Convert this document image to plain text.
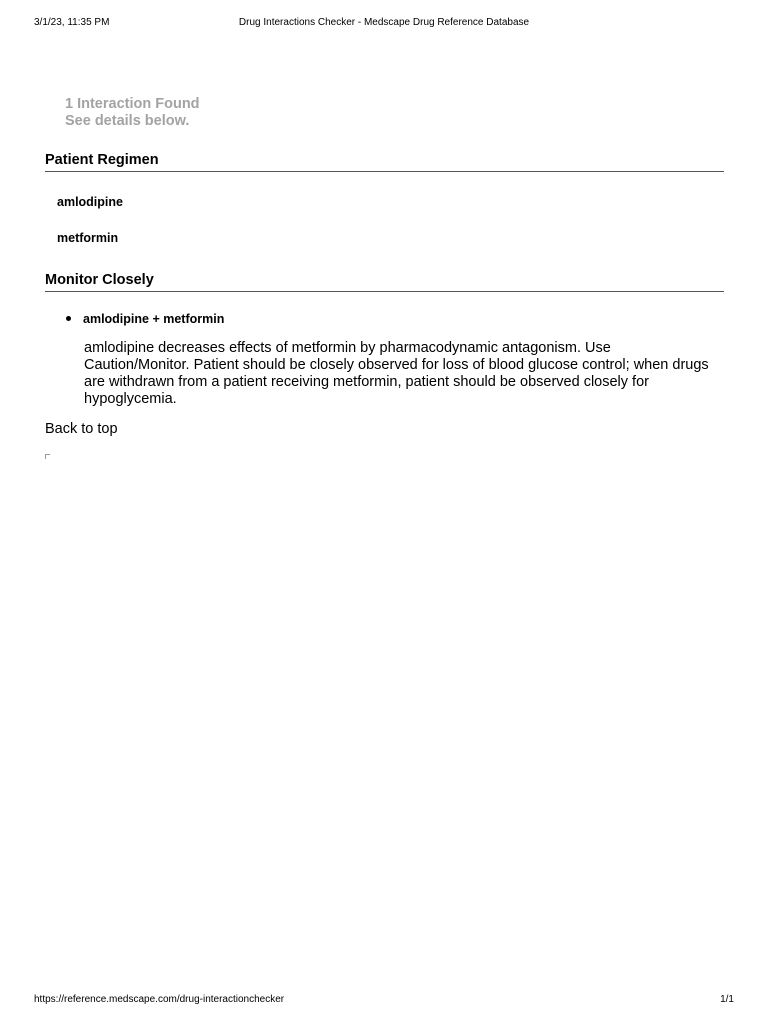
3/1/23, 11:35 PM	Drug Interactions Checker - Medscape Drug Reference Database
1 Interaction Found
See details below.
Patient Regimen
amlodipine
metformin
Monitor Closely
amlodipine + metformin
amlodipine decreases effects of metformin by pharmacodynamic antagonism. Use Caution/Monitor. Patient should be closely observed for loss of blood glucose control; when drugs are withdrawn from a patient receiving metformin, patient should be observed closely for hypoglycemia.
Back to top
https://reference.medscape.com/drug-interactionchecker	1/1
